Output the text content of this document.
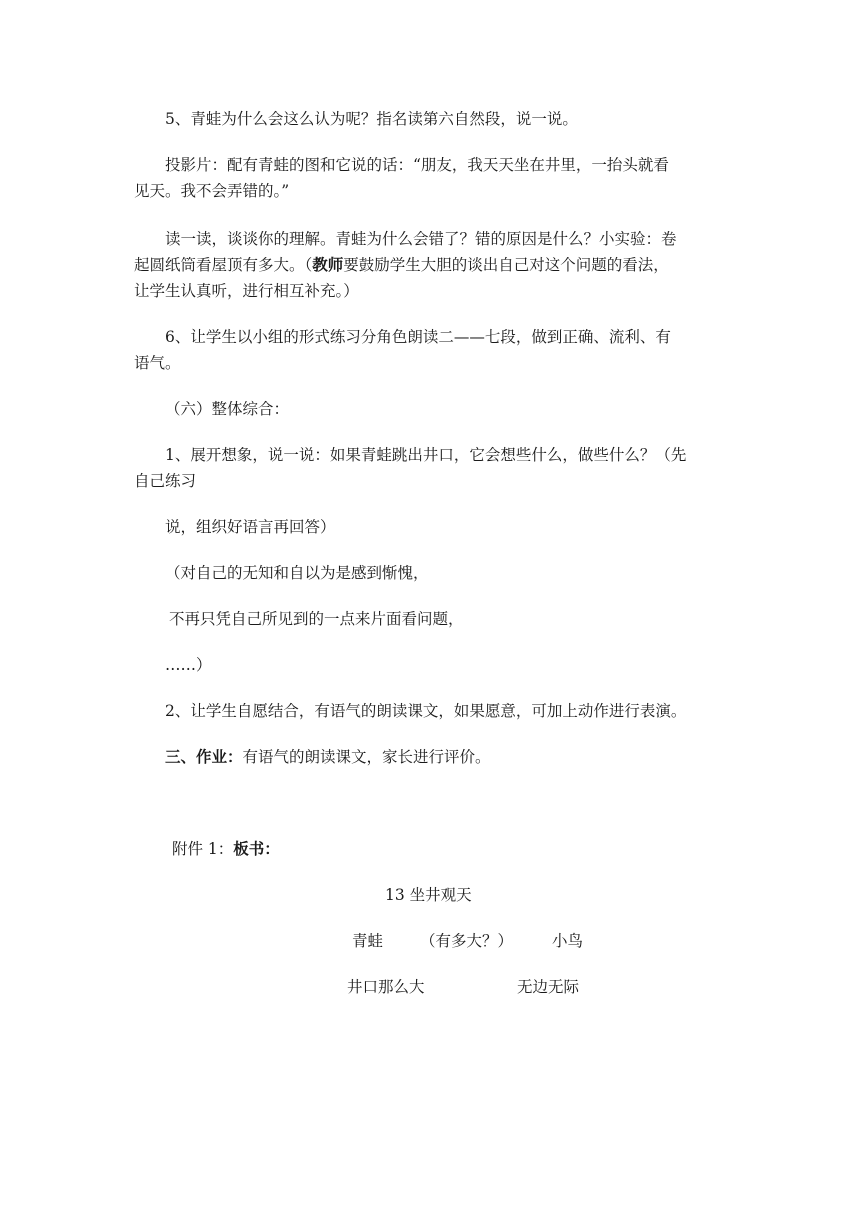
5、青蛙为什么会这么认为呢？指名读第六自然段，说一说。
投影片：配有青蛙的图和它说的话：“朋友，我天天坐在井里，一抬头就看
见天。我不会弄错的。”
读一读，谈谈你的理解。青蛙为什么会错了？错的原因是什么？小实验：卷
起圆纸筒看屋顶有多大。（教师要鼓励学生大胆的谈出自己对这个问题的看法，
让学生认真听，进行相互补充。）
6、让学生以小组的形式练习分角色朗读二——七段，做到正确、流利、有
语气。
（六）整体综合：
1、展开想象，说一说：如果青蛙跳出井口，它会想些什么，做些什么？（先
自己练习
说，组织好语言再回答）
（对自己的无知和自以为是感到惭愧，
不再只凭自己所见到的一点来片面看问题，
……）
2、让学生自愿结合，有语气的朗读课文，如果愿意，可加上动作进行表演。
三、作业：有语气的朗读课文，家长进行评价。
附件 1：板书：
13 坐井观天
青蛙 （有多大？）	小鸟
井口那么大	无边无际
